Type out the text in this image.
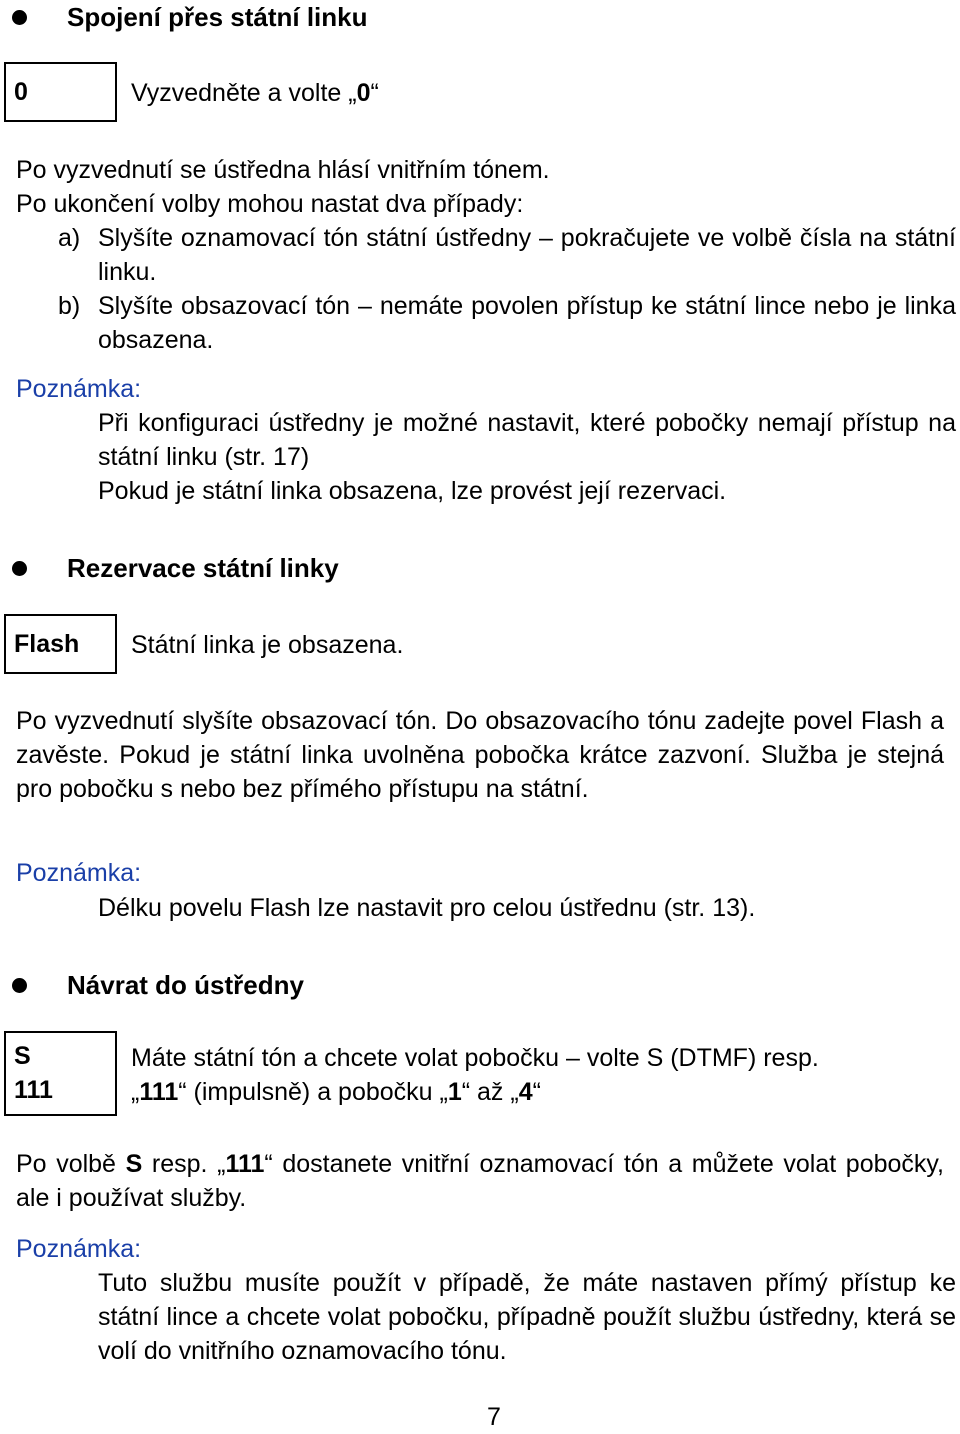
Spojení přes státní linku
0	Vyzvedněte a volte „0“
Po vyzvednutí se ústředna hlásí vnitřním tónem.
Po ukončení volby mohou nastat dva případy:
a) Slyšíte oznamovací tón státní ústředny – pokračujete ve volbě čísla na státní linku.
b) Slyšíte obsazovací tón – nemáte povolen přístup ke státní lince nebo je linka obsazena.
Poznámka:
Při konfiguraci ústředny je možné nastavit, které pobočky nemají přístup na státní linku (str. 17)
Pokud je státní linka obsazena, lze provést její rezervaci.
Rezervace státní linky
Flash	Státní linka je obsazena.
Po vyzvednutí slyšíte obsazovací tón. Do obsazovacího tónu zadejte povel Flash a zavěste. Pokud je státní linka uvolněna pobočka krátce zazvoní. Služba je stejná pro pobočku s nebo bez přímého přístupu na státní.
Poznámka:
Délku povelu Flash lze nastavit pro celou ústřednu (str. 13).
Návrat do ústředny
S
111
Máte státní tón a chcete volat pobočku – volte S (DTMF) resp.
„111“ (impulsně) a pobočku „1“ až „4“
Po volbě S resp. „111“ dostanete vnitřní oznamovací tón a můžete volat pobočky, ale i používat služby.
Poznámka:
Tuto službu musíte použít v případě, že máte nastaven přímý přístup ke státní lince a chcete volat pobočku, případně použít službu ústředny, která se volí do vnitřního oznamovacího tónu.
7
